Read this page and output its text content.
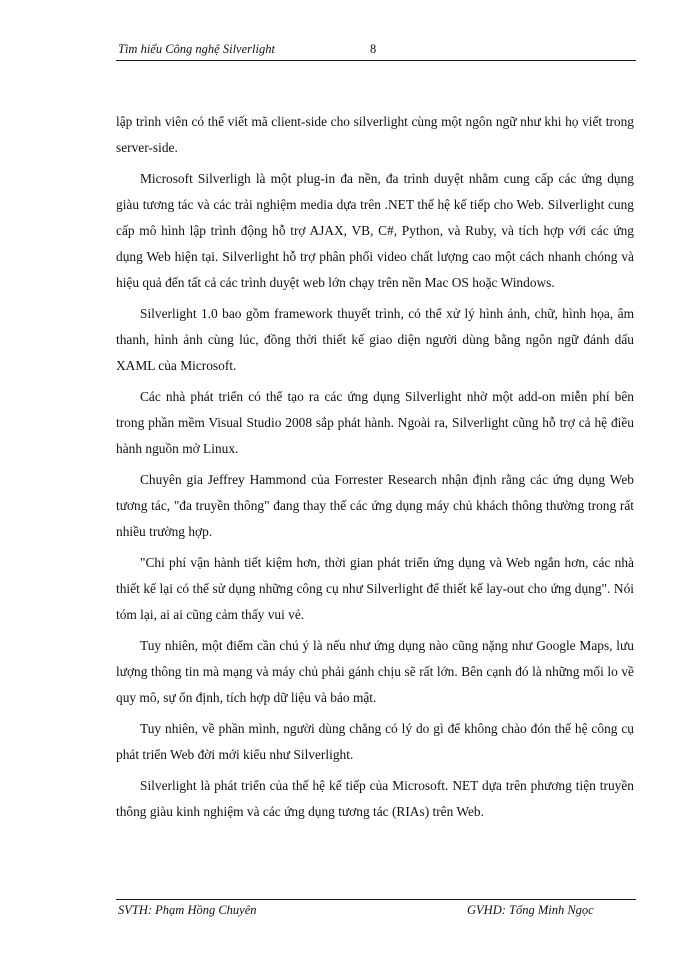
Tìm hiểu Công nghệ Silverlight	8

lập trình viên có thể viết mã client-side cho silverlight cùng một ngôn ngữ như khi họ viết trong server-side.

Microsoft Silverligh là một plug-in đa nền, đa trình duyệt nhằm cung cấp các ứng dụng giàu tương tác và các trải nghiệm media dựa trên .NET thế hệ kế tiếp cho Web. Silverlight cung cấp mô hình lập trình động hỗ trợ AJAX, VB, C#, Python, và Ruby, và tích hợp với các ứng dụng Web hiện tại. Silverlight hỗ trợ phân phối video chất lượng cao một cách nhanh chóng và hiệu quả đến tất cả các trình duyệt web lớn chạy trên nền Mac OS hoặc Windows.

Silverlight 1.0 bao gồm framework thuyết trình, có thể xử lý hình ảnh, chữ, hình họa, âm thanh, hình ảnh cùng lúc, đồng thời thiết kế giao diện người dùng bằng ngôn ngữ đánh dấu XAML của Microsoft.

Các nhà phát triển có thể tạo ra các ứng dụng Silverlight nhờ một add-on miễn phí bên trong phần mềm Visual Studio 2008 sắp phát hành. Ngoài ra, Silverlight cũng hỗ trợ cả hệ điều hành nguồn mở Linux.

Chuyên gia Jeffrey Hammond của Forrester Research nhận định rằng các ứng dụng Web tương tác, "đa truyền thông" đang thay thế các ứng dụng máy chủ khách thông thường trong rất nhiều trường hợp.

"Chi phí vận hành tiết kiệm hơn, thời gian phát triển ứng dụng và Web ngắn hơn, các nhà thiết kế lại có thể sử dụng những công cụ như Silverlight để thiết kế lay-out cho ứng dụng". Nói tóm lại, ai ai cũng cảm thấy vui vẻ.

Tuy nhiên, một điểm cần chú ý là nếu như ứng dụng nào cũng nặng như Google Maps, lưu lượng thông tin mà mạng và máy chủ phải gánh chịu sẽ rất lớn. Bên cạnh đó là những mối lo về quy mô, sự ổn định, tích hợp dữ liệu và bảo mật.

Tuy nhiên, về phần mình, người dùng chẳng có lý do gì để không chào đón thế hệ công cụ phát triển Web đời mới kiểu như Silverlight.

Silverlight là phát triển của thế hệ kế tiếp của Microsoft. NET dựa trên phương tiện truyền thông giàu kinh nghiệm và các ứng dụng tương tác (RIAs) trên Web.

SVTH: Phạm Hồng Chuyên	GVHD: Tống Minh Ngọc
